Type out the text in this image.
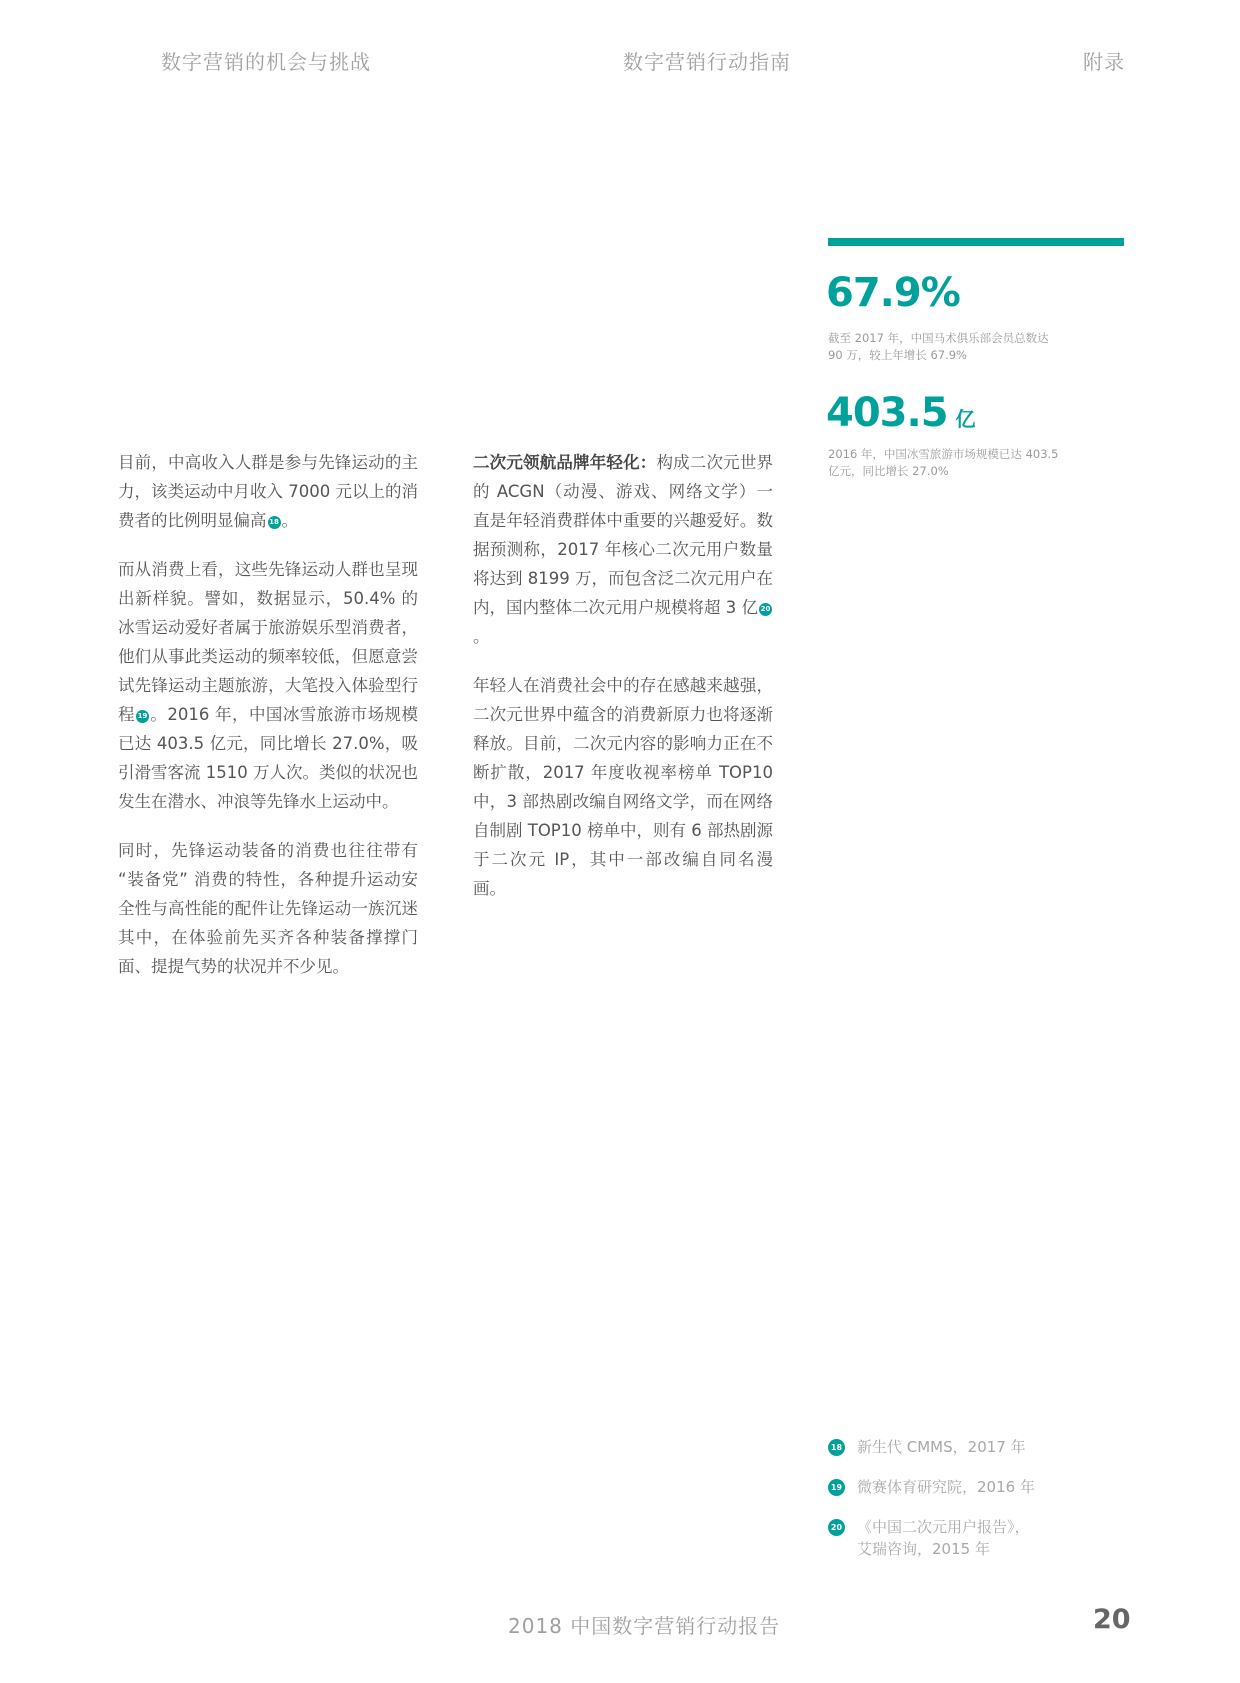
数字营销的机会与挑战	数字营销行动指南	附录
67.9%
截至 2017 年，中国马术俱乐部会员总数达
90 万，较上年增长 67.9%
403.5 亿
2016 年，中国冰雪旅游市场规模已达 403.5
亿元，同比增长 27.0%

目前，中高收入人群是参与先锋运动的主力，该类运动中月收入 7000 元以上的消费者的比例明显偏高 18 。

而从消费上看，这些先锋运动人群也呈现出新样貌。譬如，数据显示，50.4% 的冰雪运动爱好者属于旅游娱乐型消费者，他们从事此类运动的频率较低，但愿意尝试先锋运动主题旅游，大笔投入体验型行程 19 。2016 年，中国冰雪旅游市场规模已达 403.5 亿元，同比增长 27.0%，吸引滑雪客流 1510 万人次。类似的状况也发生在潜水、冲浪等先锋水上运动中。

同时，先锋运动装备的消费也往往带有 “装备党” 消费的特性，各种提升运动安全性与高性能的配件让先锋运动一族沉迷其中，在体验前先买齐各种装备撑撑门面、提提气势的状况并不少见。

二次元领航品牌年轻化：构成二次元世界的 ACGN（动漫、游戏、网络文学）一直是年轻消费群体中重要的兴趣爱好。数据预测称，2017 年核心二次元用户数量将达到 8199 万，而包含泛二次元用户在内，国内整体二次元用户规模将超 3 亿 20。

年轻人在消费社会中的存在感越来越强，二次元世界中蕴含的消费新原力也将逐渐释放。目前，二次元内容的影响力正在不断扩散，2017 年度收视率榜单 TOP10 中，3 部热剧改编自网络文学，而在网络自制剧 TOP10 榜单中，则有 6 部热剧源于二次元 IP，其中一部改编自同名漫画。

18 新生代 CMMS，2017 年
19 微赛体育研究院，2016 年
20 《中国二次元用户报告》，
艾瑞咨询，2015 年
2018 中国数字营销行动报告	20
